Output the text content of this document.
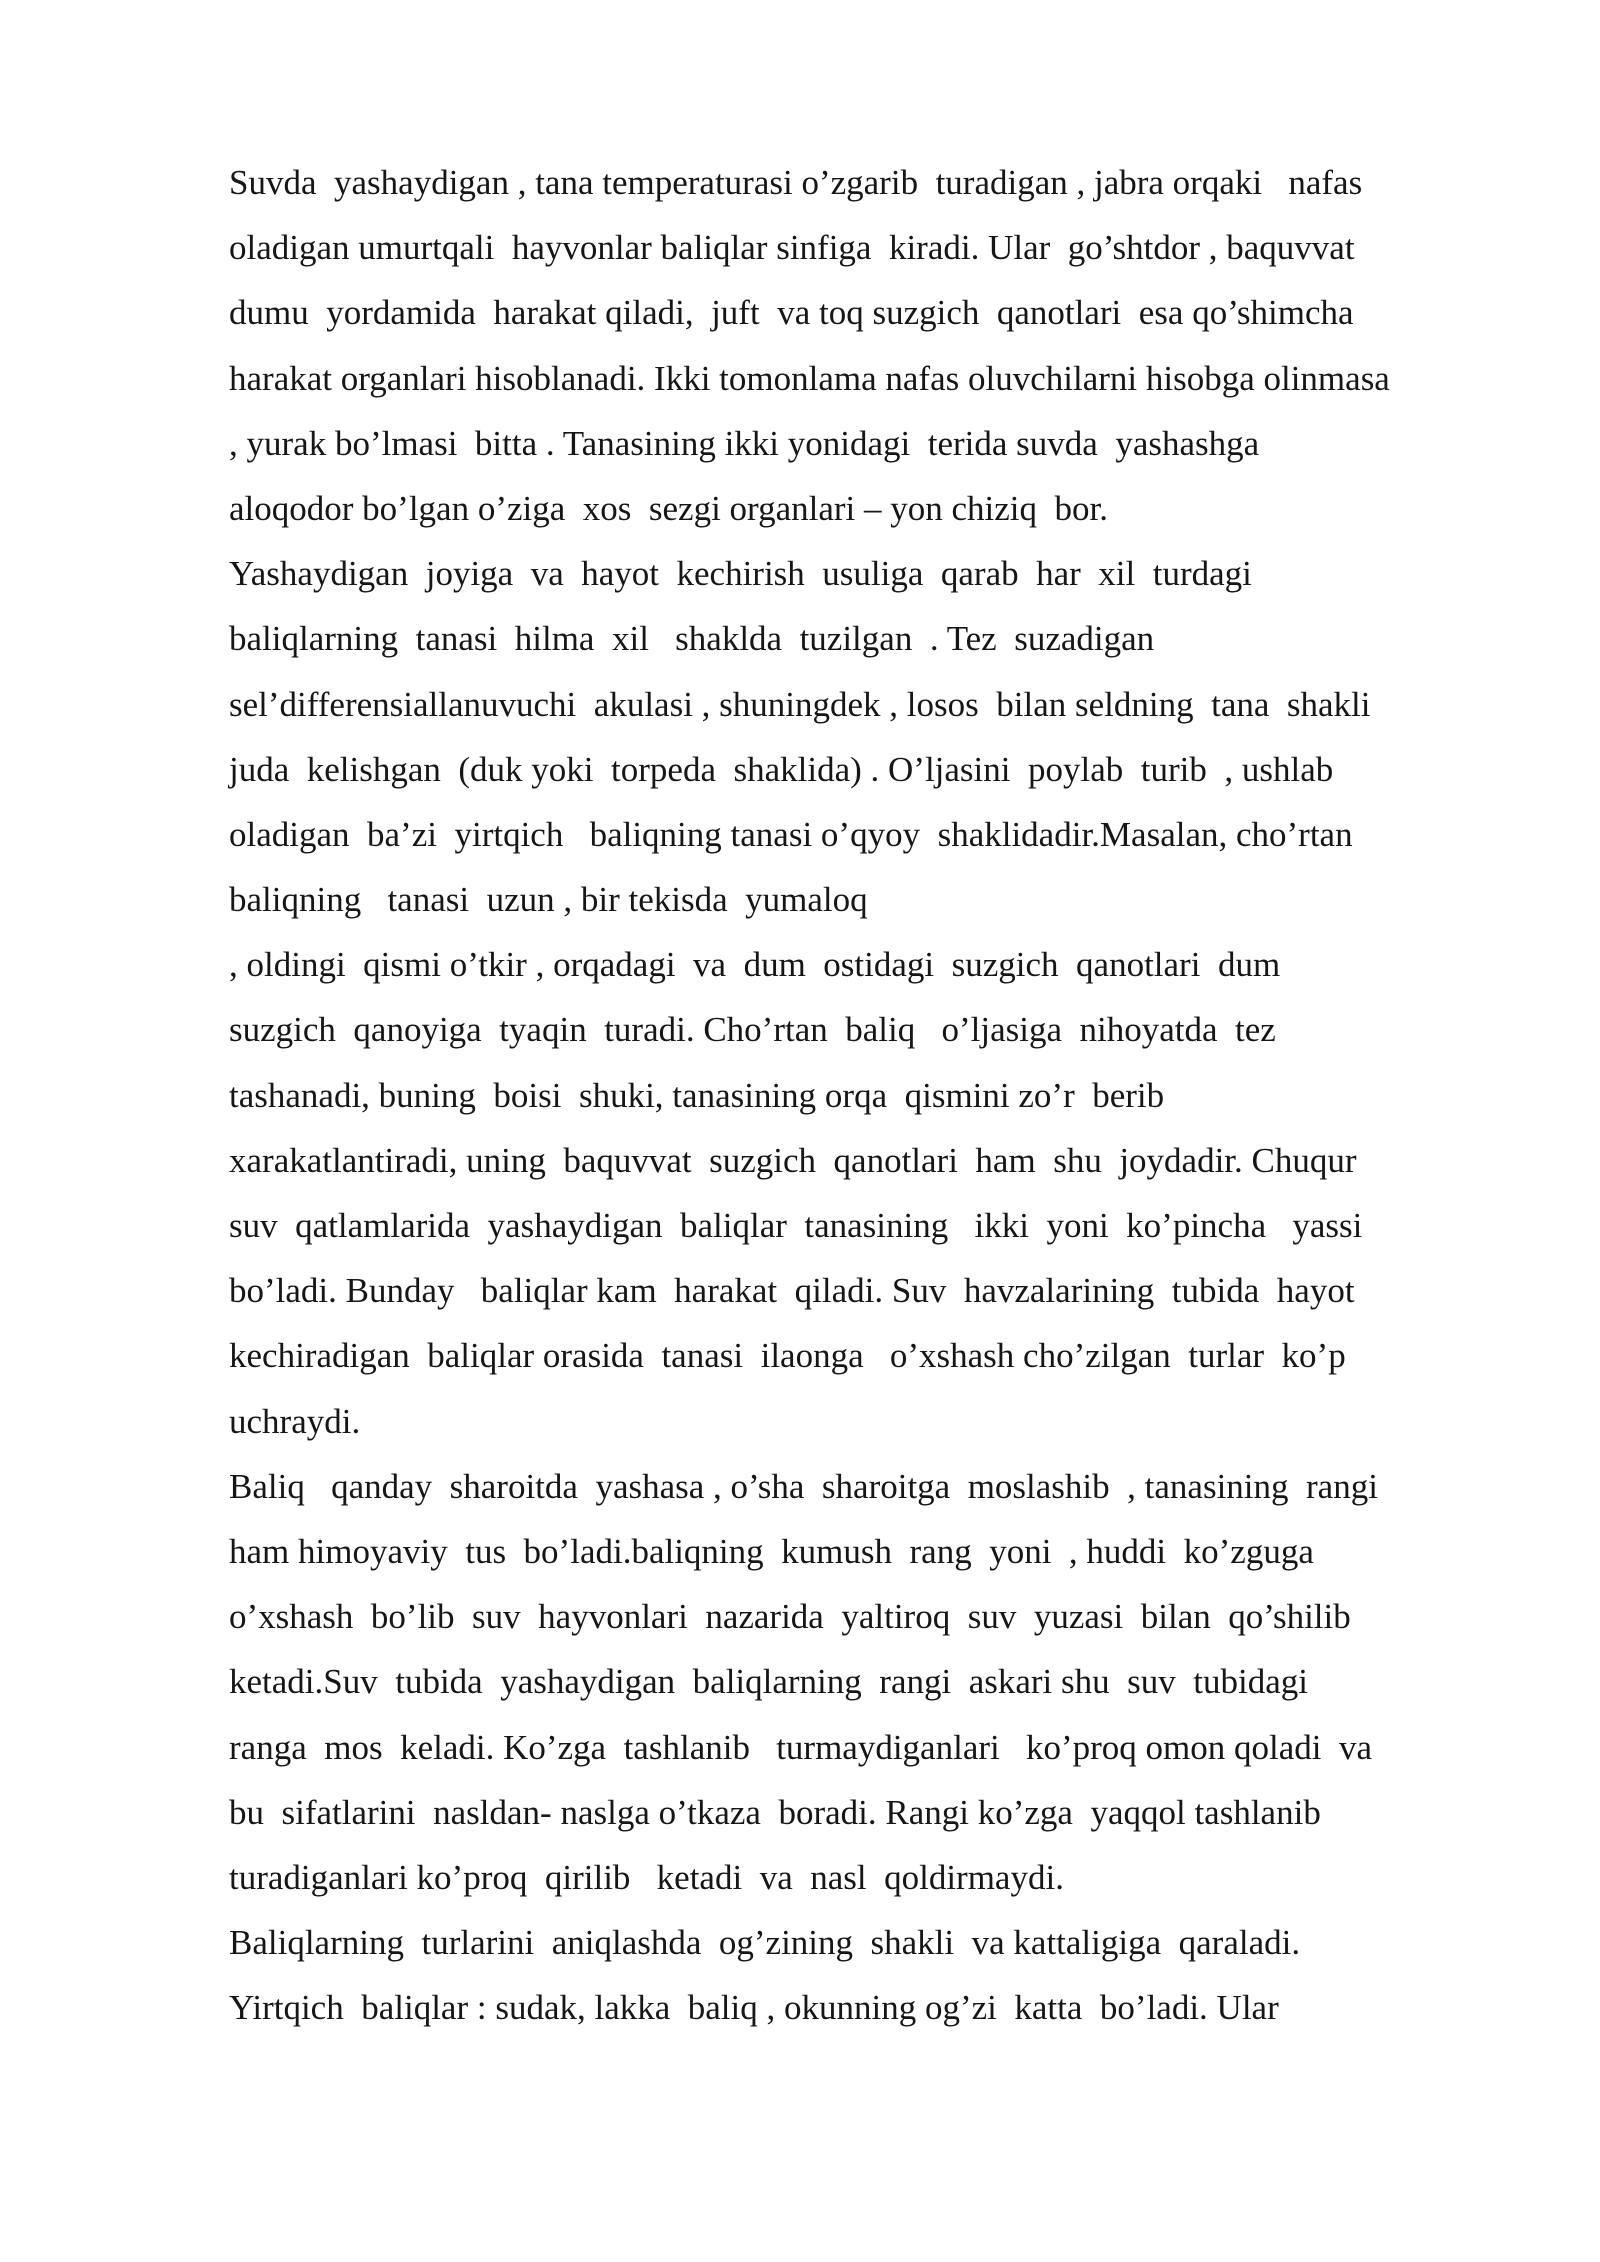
Suvda  yashaydigan , tana temperaturasi o’zgarib  turadigan , jabra orqaki   nafas
oladigan umurtqali  hayvonlar baliqlar sinfiga  kiradi. Ular  go’shtdor , baquvvat
dumu  yordamida  harakat qiladi,  juft  va toq suzgich  qanotlari  esa qo’shimcha
harakat organlari hisoblanadi. Ikki tomonlama nafas oluvchilarni hisobga olinmasa
, yurak bo’lmasi  bitta . Tanasining ikki yonidagi  terida suvda  yashashga
aloqodor bo’lgan o’ziga  xos  sezgi organlari – yon chiziq  bor.
Yashaydigan  joyiga  va  hayot  kechirish  usuliga  qarab  har  xil  turdagi
baliqlarning  tanasi  hilma  xil   shaklda  tuzilgan  . Tez  suzadigan
sel’differensiallanuvuchi  akulasi , shuningdek , losos  bilan seldning  tana  shakli
juda  kelishgan  (duk yoki  torpeda  shaklida) . O’ljasini  poylab  turib  , ushlab
oladigan  ba’zi  yirtqich   baliqning tanasi o’qyoy  shaklidadir.Masalan, cho’rtan
baliqning   tanasi  uzun , bir tekisda  yumaloq
, oldingi  qismi o’tkir , orqadagi  va  dum  ostidagi  suzgich  qanotlari  dum
suzgich  qanoyiga  tyaqin  turadi. Cho’rtan  baliq   o’ljasiga  nihoyatda  tez
tashanadi, buning  boisi  shuki, tanasining orqa  qismini zo’r  berib
xarakatlantiradi, uning  baquvvat  suzgich  qanotlari  ham  shu  joydadir. Chuqur
suv  qatlamlarida  yashaydigan  baliqlar  tanasining   ikki  yoni  ko’pincha   yassi
bo’ladi. Bunday   baliqlar kam  harakat  qiladi. Suv  havzalarining  tubida  hayot
kechiradigan  baliqlar orasida  tanasi  ilaonga   o’xshash cho’zilgan  turlar  ko’p
uchraydi.
Baliq   qanday  sharoitda  yashasa , o’sha  sharoitga  moslashib  , tanasining  rangi
ham himoyaviy  tus  bo’ladi.baliqning  kumush  rang  yoni  , huddi  ko’zguga
o’xshash  bo’lib  suv  hayvonlari  nazarida  yaltiroq  suv  yuzasi  bilan  qo’shilib
ketadi.Suv  tubida  yashaydigan  baliqlarning  rangi  askari shu  suv  tubidagi
ranga  mos  keladi. Ko’zga  tashlanib   turmaydiganlari   ko’proq omon qoladi  va
bu  sifatlarini  nasldan- naslga o’tkaza  boradi. Rangi ko’zga  yaqqol tashlanib
turadiganlari ko’proq  qirilib   ketadi  va  nasl  qoldirmaydi.
Baliqlarning  turlarini  aniqlashda  og’zining  shakli  va kattaligiga  qaraladi.
Yirtqich  baliqlar : sudak, lakka  baliq , okunning og’zi  katta  bo’ladi. Ular
